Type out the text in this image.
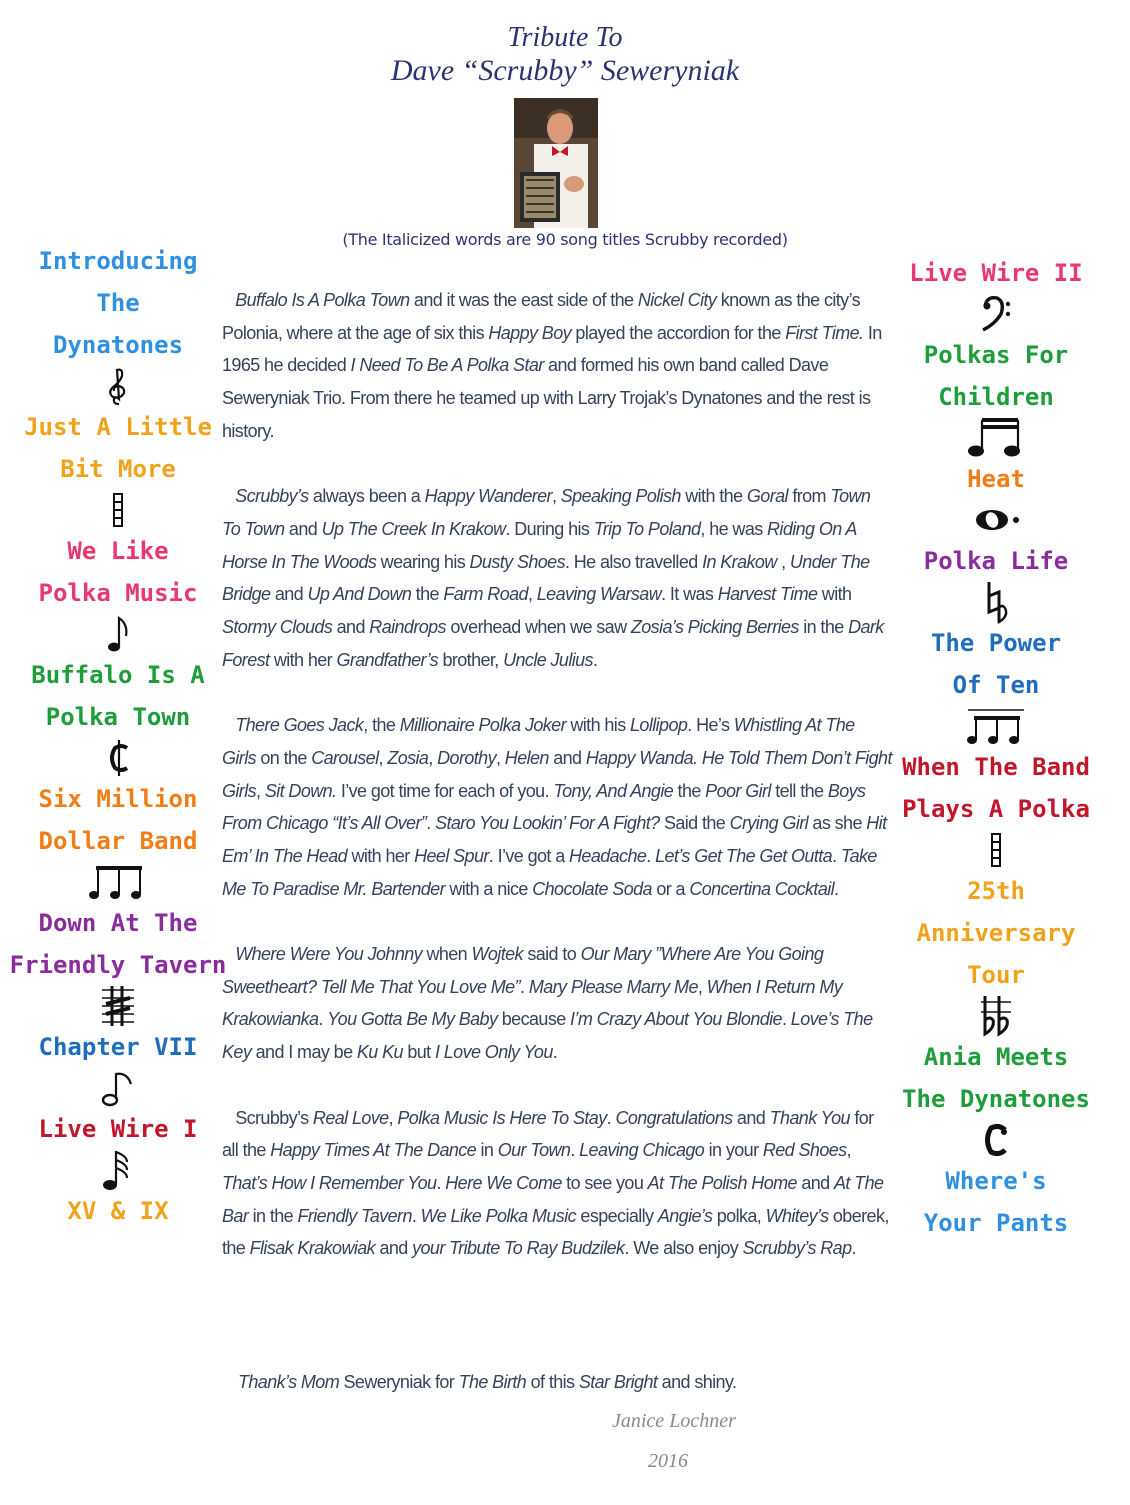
Tribute To
Dave “Scrubby” Seweryniak
(The Italicized words are 90 song titles Scrubby recorded)
Introducing
The
Dynatones
Just A Little
Bit More
We Like
Polka Music
Buffalo Is A
Polka Town
Six Million
Dollar Band
Down At The
Friendly Tavern
Chapter VII
Live Wire I
XV & IX
Live Wire II
Polkas For
Children
Heat
Polka Life
The Power
Of Ten
When The Band
Plays A Polka
25th Anniversary
Tour
Ania Meets
The Dynatones
Where's
Your Pants

Buffalo Is A Polka Town and it was the east side of the Nickel City known as the city’s Polonia, where at the age of six this Happy Boy played the accordion for the First Time. In 1965 he decided I Need To Be A Polka Star and formed his own band called Dave Seweryniak Trio. From there he teamed up with Larry Trojak’s Dynatones and the rest is history.

Scrubby’s always been a Happy Wanderer, Speaking Polish with the Goral from Town To Town and Up The Creek In Krakow. During his Trip To Poland, he was Riding On A Horse In The Woods wearing his Dusty Shoes. He also travelled In Krakow , Under The Bridge and Up And Down the Farm Road, Leaving Warsaw. It was Harvest Time with Stormy Clouds and Raindrops overhead when we saw Zosia’s Picking Berries in the Dark Forest with her Grandfather’s brother, Uncle Julius.

There Goes Jack, the Millionaire Polka Joker with his Lollipop. He’s Whistling At The Girls on the Carousel, Zosia, Dorothy, Helen and Happy Wanda. He Told Them Don’t Fight Girls, Sit Down. I’ve got time for each of you. Tony, And Angie the Poor Girl tell the Boys From Chicago “It’s All Over”. Staro You Lookin’ For A Fight? Said the Crying Girl as she Hit Em’ In The Head with her Heel Spur. I’ve got a Headache. Let’s Get The Get Outta. Take Me To Paradise Mr. Bartender with a nice Chocolate Soda or a Concertina Cocktail.

Where Were You Johnny when Wojtek said to Our Mary ”Where Are You Going Sweetheart? Tell Me That You Love Me”. Mary Please Marry Me, When I Return My Krakowianka. You Gotta Be My Baby because I’m Crazy About You Blondie. Love’s The Key and I may be Ku Ku but I Love Only You.

Scrubby’s Real Love, Polka Music Is Here To Stay. Congratulations and Thank You for all the Happy Times At The Dance in Our Town. Leaving Chicago in your Red Shoes, That’s How I Remember You. Here We Come to see you At The Polish Home and At The Bar in the Friendly Tavern. We Like Polka Music especially Angie’s polka, Whitey’s oberek, the Flisak Krakowiak and your Tribute To Ray Budzilek. We also enjoy Scrubby’s Rap.

Thank’s Mom Seweryniak for The Birth of this Star Bright and shiny.
Janice Lochner
2016
